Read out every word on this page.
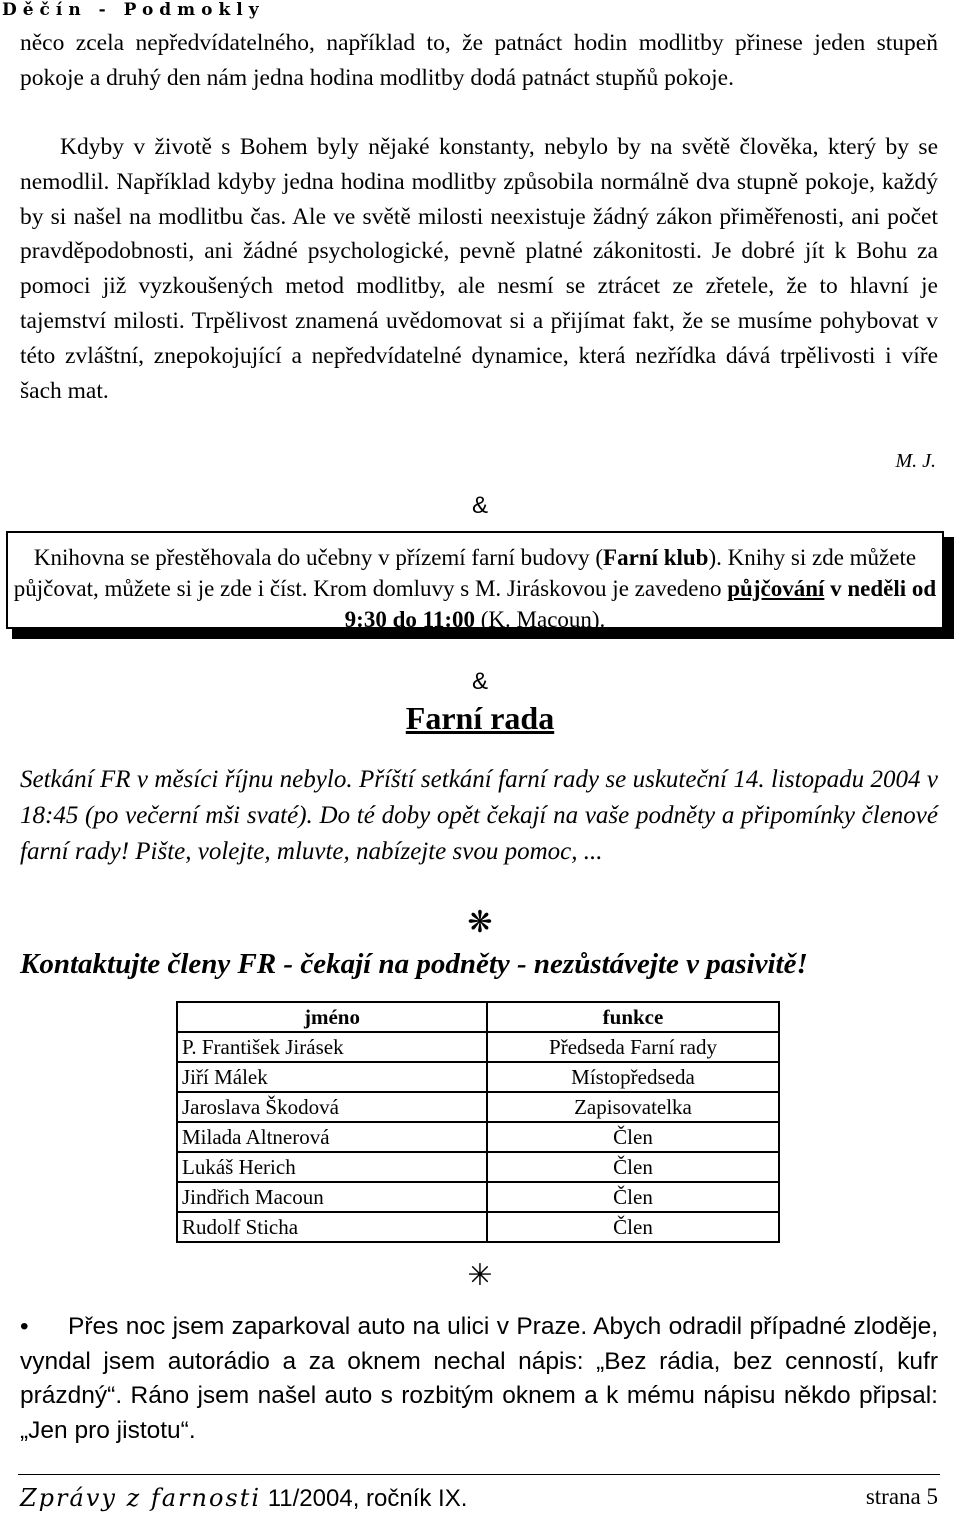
Děčín - Podmokly

něco zcela nepředvídatelného, například to, že patnáct hodin modlitby přinese jeden stupeň pokoje a druhý den nám jedna hodina modlitby dodá patnáct stupňů pokoje.

Kdyby v životě s Bohem byly nějaké konstanty, nebylo by na světě člověka, který by se nemodlil. Například kdyby jedna hodina modlitby způsobila normálně dva stupně pokoje, každý by si našel na modlitbu čas. Ale ve světě milosti neexistuje žádný zákon přiměřenosti, ani počet pravděpodobnosti, ani žádné psychologické, pevně platné zákonitosti. Je dobré jít k Bohu za pomoci již vyzkoušených metod modlitby, ale nesmí se ztrácet ze zřetele, že to hlavní je tajemství milosti. Trpělivost znamená uvědomovat si a přijímat fakt, že se musíme pohybovat v této zvláštní, znepokojující a nepředvídatelné dynamice, která nezřídka dává trpělivosti i víře šach mat.

M. J.
&
Knihovna se přestěhovala do učebny v přízemí farní budovy (Farní klub). Knihy si zde můžete půjčovat, můžete si je zde i číst. Krom domluvy s M. Jiráskovou je zavedeno půjčování v neděli od 9:30 do 11:00 (K. Macoun).
&
Farní rada

Setkání FR v měsíci říjnu nebylo. Příští setkání farní rady se uskuteční 14. listopadu 2004 v 18:45 (po večerní mši svaté). Do té doby opět čekají na vaše podněty a připomínky členové farní rady! Pište, volejte, mluvte, nabízejte svou pomoc, ...

❋
Kontaktujte členy FR - čekají na podněty - nezůstávejte v pasivitě!
jméno	funkce
P. František Jirásek	Předseda Farní rady
Jiří Málek	Místopředseda
Jaroslava Škodová	Zapisovatelka
Milada Altnerová	Člen
Lukáš Herich	Člen
Jindřich Macoun	Člen
Rudolf Sticha	Člen
✳

• Přes noc jsem zaparkoval auto na ulici v Praze. Abych odradil případné zloděje, vyndal jsem autorádio a za oknem nechal nápis: „Bez rádia, bez cenností, kufr prázdný“. Ráno jsem našel auto s rozbitým oknem a k mému nápisu někdo připsal: „Jen pro jistotu“.

Zprávy z farnosti 11/2004, ročník IX.	strana 5
